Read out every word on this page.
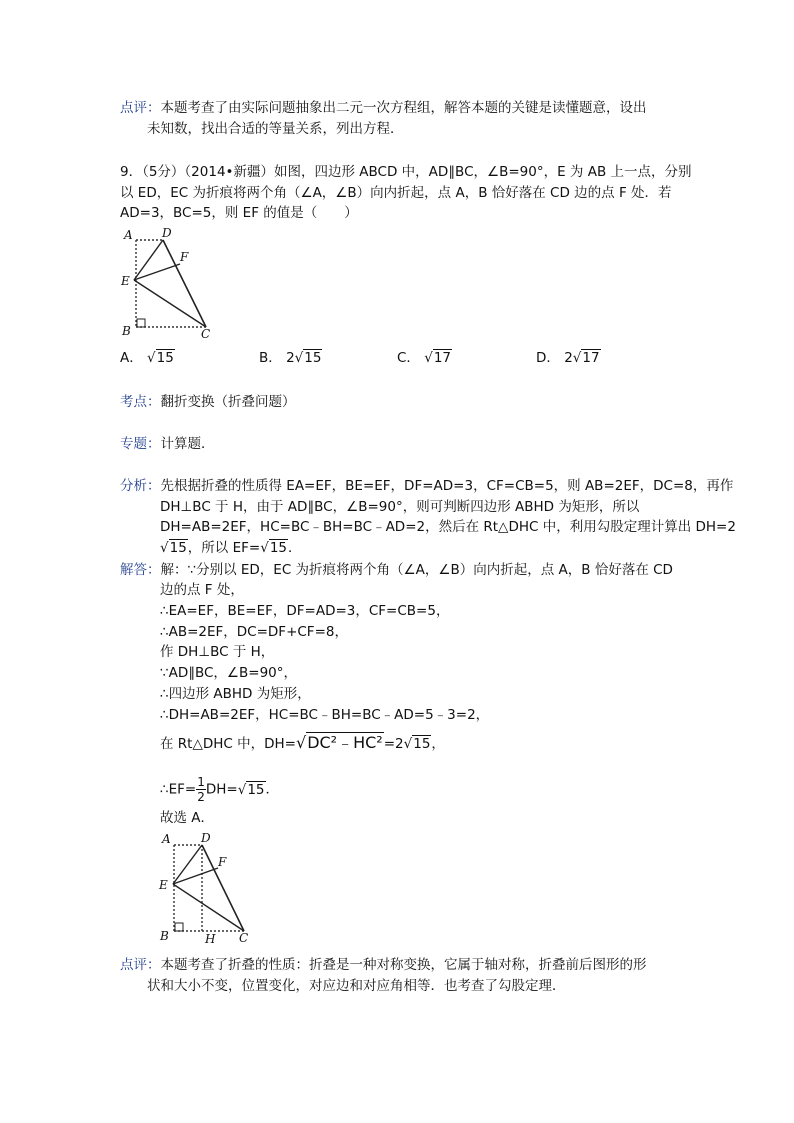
点评：本题考查了由实际问题抽象出二元一次方程组，解答本题的关键是读懂题意，设出
未知数，找出合适的等量关系，列出方程．
9．（5分）（2014•新疆）如图，四边形 ABCD 中，AD∥BC，∠B=90°，E 为 AB 上一点，分别
以 ED，EC 为折痕将两个角（∠A，∠B）向内折起，点 A，B 恰好落在 CD 边的点 F 处．若
AD=3，BC=5，则 EF 的值是（　　）
A D
F
E
B	C
A． √15	B． 2√15	C． √17	D． 2√17
考点：翻折变换（折叠问题）
专题：计算题．
分析：先根据折叠的性质得 EA=EF，BE=EF，DF=AD=3，CF=CB=5，则 AB=2EF，DC=8，再作
DH⊥BC 于 H，由于 AD∥BC，∠B=90°，则可判断四边形 ABHD 为矩形，所以
DH=AB=2EF，HC=BC﹣BH=BC﹣AD=2，然后在 Rt△DHC 中，利用勾股定理计算出 DH=2
√15，所以 EF=√15．
解答：解：∵分别以 ED，EC 为折痕将两个角（∠A，∠B）向内折起，点 A，B 恰好落在 CD
边的点 F 处，
∴EA=EF，BE=EF，DF=AD=3，CF=CB=5，
∴AB=2EF，DC=DF+CF=8，
作 DH⊥BC 于 H，
∵AD∥BC，∠B=90°，
∴四边形 ABHD 为矩形，
∴DH=AB=2EF，HC=BC﹣BH=BC﹣AD=5﹣3=2，
在 Rt△DHC 中，DH=√DC²﹣HC²=2√15，
∴EF= $\frac{1}{2} DH=√15$．
故选 A．
A	D
F
E
B	H C
点评：本题考查了折叠的性质：折叠是一种对称变换，它属于轴对称，折叠前后图形的形
状和大小不变，位置变化，对应边和对应角相等．也考查了勾股定理．
